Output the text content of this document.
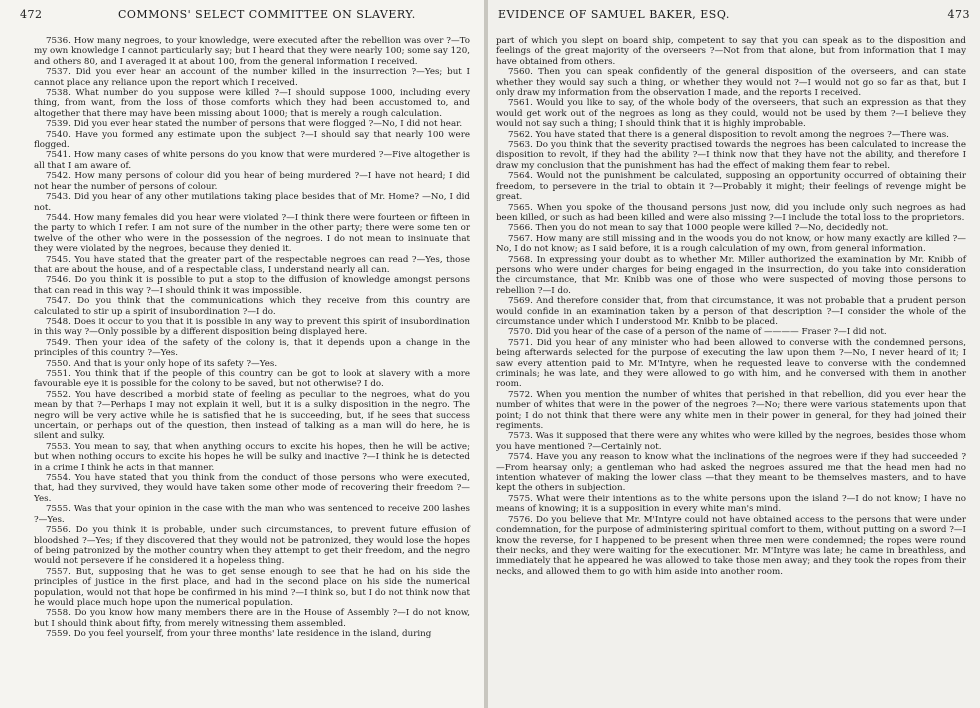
472	COMMONS' SELECT COMMITTEE ON SLAVERY.

7536. How many negroes, to your knowledge, were executed after the rebellion was over ?—To my own knowledge I cannot particularly say; but I heard that they were nearly 100; some say 120, and others 80, and I averaged it at about 100, from the general information I received.

7537. Did you ever hear an account of the number killed in the insurrection ?—Yes; but I cannot place any reliance upon the report which I received.

7538. What number do you suppose were killed ?—I should suppose 1000, including every thing, from want, from the loss of those comforts which they had been accustomed to, and altogether that there may have been missing about 1000; that is merely a rough calculation.

7539. Did you ever hear stated the number of persons that were flogged ?—No, I did not hear.

7540. Have you formed any estimate upon the subject ?—I should say that nearly 100 were flogged.

7541. How many cases of white persons do you know that were murdered ?—Five altogether is all that I am aware of.

7542. How many persons of colour did you hear of being murdered ?—I have not heard; I did not hear the number of persons of colour.

7543. Did you hear of any other mutilations taking place besides that of Mr. Home? —No, I did not.

7544. How many females did you hear were violated ?—I think there were fourteen or fifteen in the party to which I refer. I am not sure of the number in the other party; there were some ten or twelve of the other who were in the possession of the negroes. I do not mean to insinuate that they were violated by the negroes, because they denied it.

7545. You have stated that the greater part of the respectable negroes can read ?—Yes, those that are about the house, and of a respectable class, I understand nearly all can.

7546. Do you think it is possible to put a stop to the diffusion of knowledge amongst persons that can read in this way ?—I should think it was impossible.

7547. Do you think that the communications which they receive from this country are calculated to stir up a spirit of insubordination ?—I do.

7548. Does it occur to you that it is possible in any way to prevent this spirit of insubordination in this way ?—Only possible by a different disposition being displayed here.

7549. Then your idea of the safety of the colony is, that it depends upon a change in the principles of this country ?—Yes.

7550. And that is your only hope of its safety ?—Yes.

7551. You think that if the people of this country can be got to look at slavery with a more favourable eye it is possible for the colony to be saved, but not otherwise? I do.

7552. You have described a morbid state of feeling as peculiar to the negroes, what do you mean by that ?—Perhaps I may not explain it well, but it is a sulky disposition in the negro. The negro will be very active while he is satisfied that he is succeeding, but, if he sees that success uncertain, or perhaps out of the question, then instead of talking as a man will do here, he is silent and sulky.

7553. You mean to say, that when anything occurs to excite his hopes, then he will be active; but when nothing occurs to excite his hopes he will be sulky and inactive ?—I think he is detected in a crime I think he acts in that manner.

7554. You have stated that you think from the conduct of those persons who were executed, that, had they survived, they would have taken some other mode of recovering their freedom ?—Yes.

7555. Was that your opinion in the case with the man who was sentenced to receive 200 lashes ?—Yes.

7556. Do you think it is probable, under such circumstances, to prevent future effusion of bloodshed ?—Yes; if they discovered that they would not be patronized, they would lose the hopes of being patronized by the mother country when they attempt to get their freedom, and the negro would not persevere if he considered it a hopeless thing.

7557. But, supposing that he was to get sense enough to see that he had on his side the principles of justice in the first place, and had in the second place on his side the numerical population, would not that hope be confirmed in his mind ?—I think so, but I do not think now that he would place much hope upon the numerical population.

7558. Do you know how many members there are in the House of Assembly ?—I do not know, but I should think about fifty, from merely witnessing them assembled.

7559. Do you feel yourself, from your three months' late residence in the island, during

EVIDENCE OF SAMUEL BAKER, ESQ.	473

part of which you slept on board ship, competent to say that you can speak as to the disposition and feelings of the great majority of the overseers ?—Not from that alone, but from information that I may have obtained from others.

7560. Then you can speak confidently of the general disposition of the overseers, and can state whether they would say such a thing, or whether they would not ?—I would not go so far as that, but I only draw my information from the observation I made, and the reports I received.

7561. Would you like to say, of the whole body of the overseers, that such an expression as that they would get work out of the negroes as long as they could, would not be used by them ?—I believe they would not say such a thing; I should think that it is highly improbable.

7562. You have stated that there is a general disposition to revolt among the negroes ?—There was.

7563. Do you think that the severity practised towards the negroes has been calculated to increase the disposition to revolt, if they had the ability ?—I think now that they have not the ability, and therefore I draw my conclusion that the punishment has had the effect of making them fear to rebel.

7564. Would not the punishment be calculated, supposing an opportunity occurred of obtaining their freedom, to persevere in the trial to obtain it ?—Probably it might; their feelings of revenge might be great.

7565. When you spoke of the thousand persons just now, did you include only such negroes as had been killed, or such as had been killed and were also missing ?—I include the total loss to the proprietors.

7566. Then you do not mean to say that 1000 people were killed ?—No, decidedly not.

7567. How many are still missing and in the woods you do not know, or how many exactly are killed ?—No, I do not know; as I said before, it is a rough calculation of my own, from general information.

7568. In expressing your doubt as to whether Mr. Miller authorized the examination by Mr. Knibb of persons who were under charges for being engaged in the insurrection, do you take into consideration the circumstance, that Mr. Knibb was one of those who were suspected of moving those persons to rebellion ?—I do.

7569. And therefore consider that, from that circumstance, it was not probable that a prudent person would confide in an examination taken by a person of that description ?—I consider the whole of the circumstance under which I understood Mr. Knibb to be placed.

7570. Did you hear of the case of a person of the name of ———— Fraser ?—I did not.

7571. Did you hear of any minister who had been allowed to converse with the condemned persons, being afterwards selected for the purpose of executing the law upon them ?—No, I never heard of it; I saw every attention paid to Mr. M'Intyre, when he requested leave to converse with the condemned criminals; he was late, and they were allowed to go with him, and he conversed with them in another room.

7572. When you mention the number of whites that perished in that rebellion, did you ever hear the number of whites that were in the power of the negroes ?—No; there were various statements upon that point; I do not think that there were any white men in their power in general, for they had joined their regiments.

7573. Was it supposed that there were any whites who were killed by the negroes, besides those whom you have mentioned ?—Certainly not.

7574. Have you any reason to know what the inclinations of the negroes were if they had succeeded ?—From hearsay only; a gentleman who had asked the negroes assured me that the head men had no intention whatever of making the lower class —that they meant to be themselves masters, and to have kept the others in subjection.

7575. What were their intentions as to the white persons upon the island ?—I do not know; I have no means of knowing; it is a supposition in every white man's mind.

7576. Do you believe that Mr. M'Intyre could not have obtained access to the persons that were under condemnation, for the purpose of administering spiritual comfort to them, without putting on a sword ?—I know the reverse, for I happened to be present when three men were condemned; the ropes were round their necks, and they were waiting for the executioner. Mr. M'Intyre was late; he came in breathless, and immediately that he appeared he was allowed to take those men away; and they took the ropes from their necks, and allowed them to go with him aside into another room.
